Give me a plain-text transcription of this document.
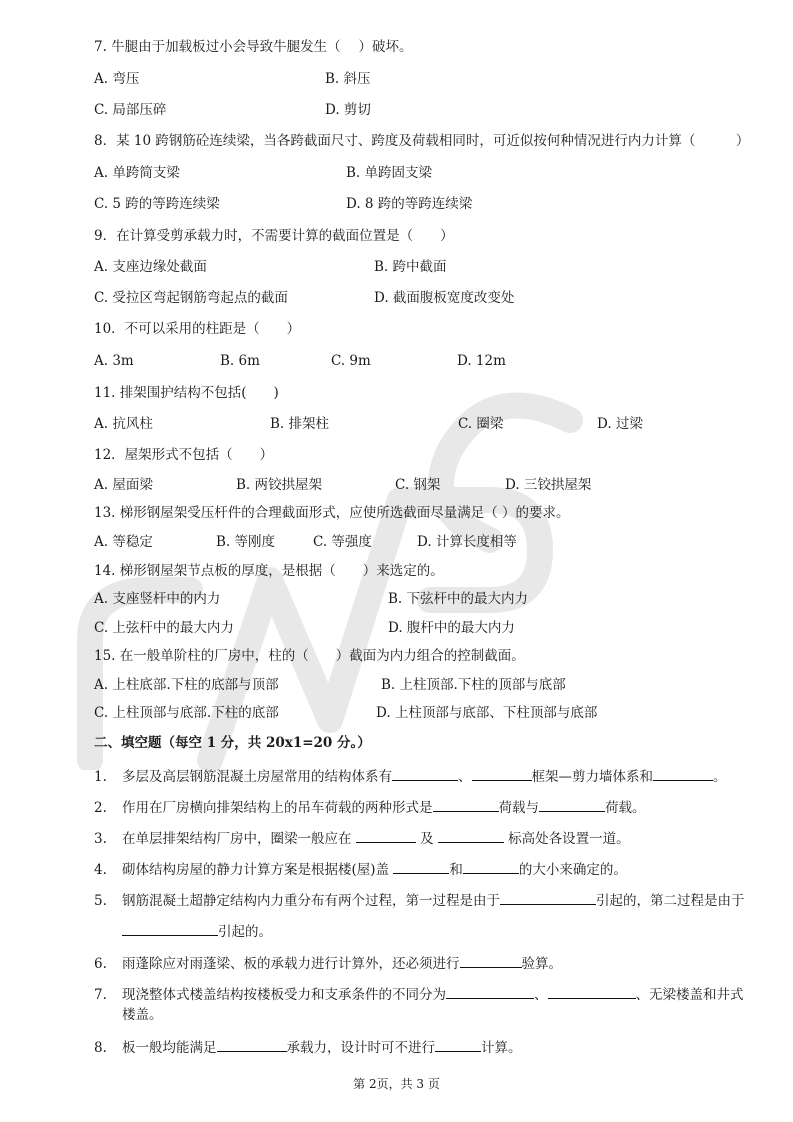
7. 牛腿由于加载板过小会导致牛腿发生（　 ）破坏。
A. 弯压	B. 斜压
C. 局部压碎	D. 剪切
8．某 10 跨钢筋砼连续梁，当各跨截面尺寸、跨度及荷载相同时，可近似按何种情况进行内力计算（　　　）
A. 单跨简支梁	B. 单跨固支梁
C. 5 跨的等跨连续梁	D. 8 跨的等跨连续梁
9．在计算受剪承载力时，不需要计算的截面位置是（　　）
A. 支座边缘处截面	B. 跨中截面
C. 受拉区弯起钢筋弯起点的截面	D. 截面腹板宽度改变处
10．不可以采用的柱距是（　　）
A. 3m	B. 6m	C. 9m	D. 12m
11. 排架围护结构不包括(　　)
A. 抗风柱	B. 排架柱	C. 圈梁	D. 过梁
12．屋架形式不包括（　　）
A. 屋面梁	B. 两铰拱屋架	C. 钢架	D. 三铰拱屋架
13. 梯形钢屋架受压杆件的合理截面形式，应使所选截面尽量满足（ ）的要求。
A. 等稳定	B. 等刚度	C. 等强度	D. 计算长度相等
14. 梯形钢屋架节点板的厚度，是根据（　　）来选定的。
A. 支座竖杆中的内力	B. 下弦杆中的最大内力
C. 上弦杆中的最大内力	D. 腹杆中的最大内力
15. 在一般单阶柱的厂房中，柱的（　　）截面为内力组合的控制截面。
A. 上柱底部.下柱的底部与顶部	B. 上柱顶部.下柱的顶部与底部
C. 上柱顶部与底部.下柱的底部	D. 上柱顶部与底部、下柱顶部与底部
二、填空题（每空 1 分，共 20x1=20 分。）
1. 多层及高层钢筋混凝土房屋常用的结构体系有	、	框架—剪力墙体系和	。
2. 作用在厂房横向排架结构上的吊车荷载的两种形式是	荷载与	荷载。
3. 在单层排架结构厂房中，圈梁一般应在	及	标高处各设置一道。
4. 砌体结构房屋的静力计算方案是根据楼(屋)盖	和	的大小来确定的。
5. 钢筋混凝土超静定结构内力重分布有两个过程，第一过程是由于	引起的，第二过程是由于
引起的。
6. 雨蓬除应对雨蓬梁、板的承载力进行计算外，还必须进行	验算。
7. 现浇整体式楼盖结构按楼板受力和支承条件的不同分为	、	、无梁楼盖和井式
楼盖。
8. 板一般均能满足	承载力，设计时可不进行	计算。
第 2页，共 3 页
